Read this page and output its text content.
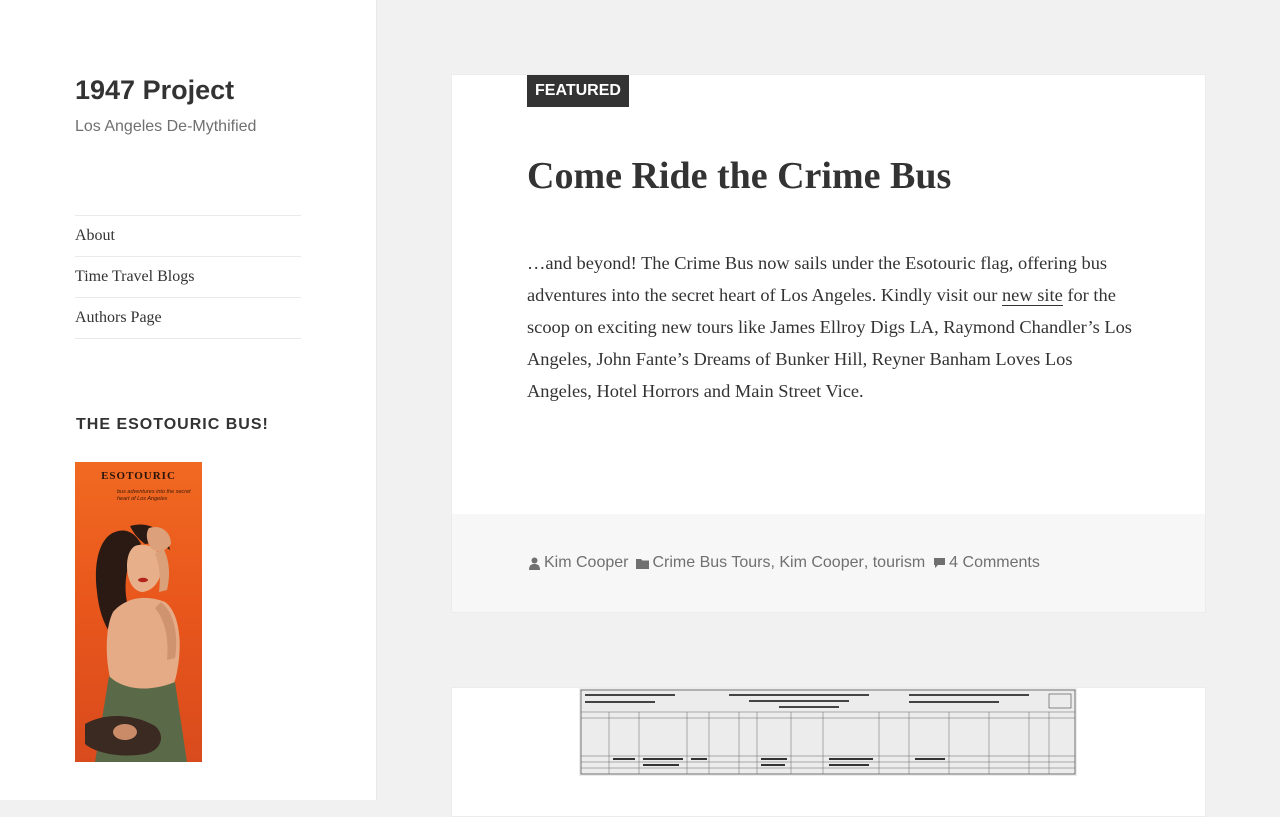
1947 Project

Los Angeles De-Mythified

About
Time Travel Blogs
Authors Page
THE ESOTOURIC BUS!
ESOTOURIC
bus adventures into the secret heart of Los Angeles
FEATURED
Come Ride the Crime Bus

…and beyond! The Crime Bus now sails under the Esotouric flag, offering bus adventures into the secret heart of Los Angeles. Kindly visit our new site for the scoop on exciting new tours like James Ellroy Digs LA, Raymond Chandler’s Los Angeles, John Fante’s Dreams of Bunker Hill, Reyner Banham Loves Los Angeles, Hotel Horrors and Main Street Vice.

Kim Cooper Crime Bus Tours , Kim Cooper , tourism 4 Comments
